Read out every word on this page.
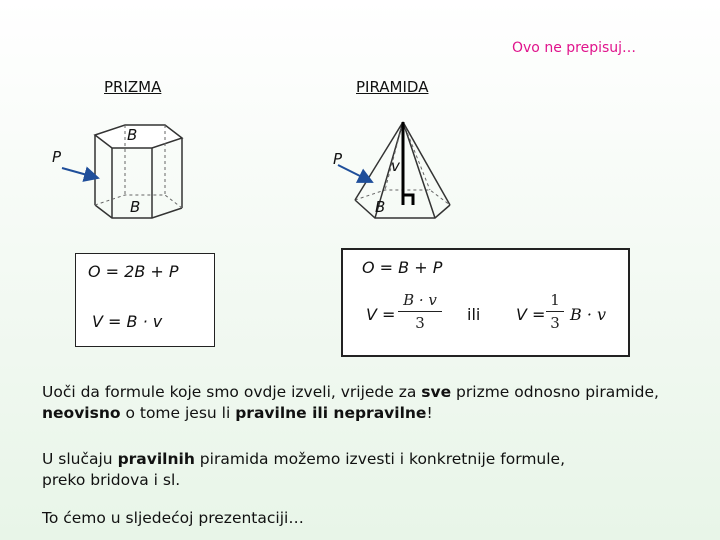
Ovo ne prepisuj…
PRIZMA	PIRAMIDA
P
B
B
P	v
B
O = 2B + P
V = B · v
O = B + P
V =
B · v
3	ili V =
1
3 B · v
Uoči da formule koje smo ovdje izveli, vrijede za sve prizme odnosno piramide,
neovisno o tome jesu li pravilne ili nepravilne!
U slučaju pravilnih piramida možemo izvesti i konkretnije formule,
preko bridova i sl.
To ćemo u sljedećoj prezentaciji…
